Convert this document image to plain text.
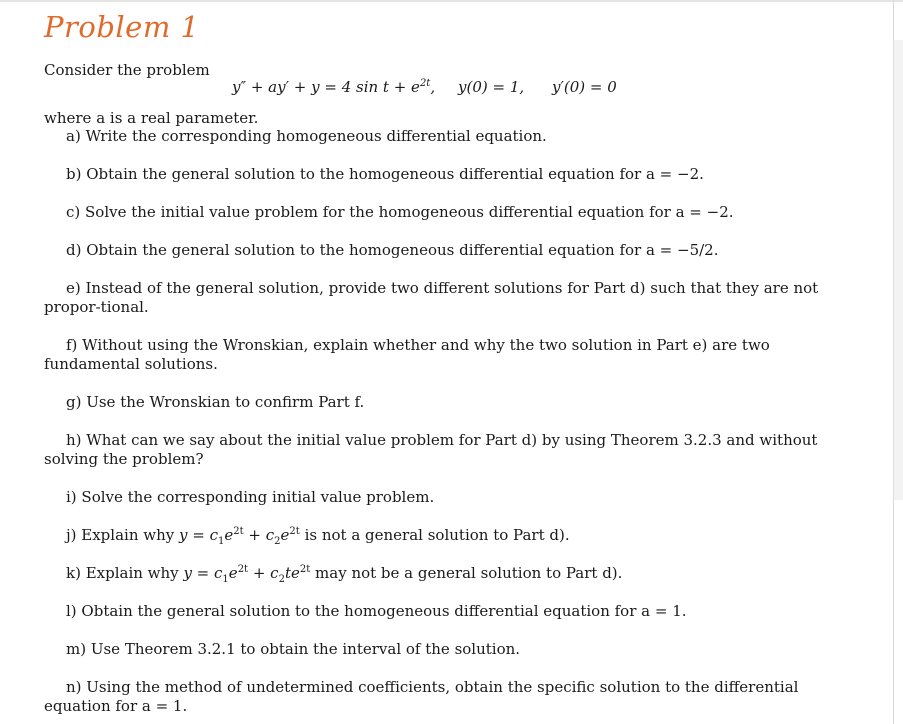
Problem 1
Consider the problem
y″ + ay′ + y = 4 $\sin t + e^{2t}$, y(0) = 1, y′(0) = 0
where a is a real parameter.
a) Write the corresponding homogeneous differential equation.
b) Obtain the general solution to the homogeneous differential equation for a = −2.
c) Solve the initial value problem for the homogeneous differential equation for a = −2.
d) Obtain the general solution to the homogeneous differential equation for a = −5/2.
e) Instead of the general solution, provide two different solutions for Part d) such that they are not propor-tional.
f) Without using the Wronskian, explain whether and why the two solution in Part e) are two fundamental solutions.
g) Use the Wronskian to confirm Part f.
h) What can we say about the initial value problem for Part d) by using Theorem 3.2.3 and without solving the problem?
i) Solve the corresponding initial value problem.
j) Explain why $y = c_1e^{2t} + c_2e^{2t}$ is not a general solution to Part d).
k) Explain why $y = c_1e^{2t} + c_2te^{2t}$ may not be a general solution to Part d).
l) Obtain the general solution to the homogeneous differential equation for a = 1.
m) Use Theorem 3.2.1 to obtain the interval of the solution.
n) Using the method of undetermined coefficients, obtain the specific solution to the differential equation for a = 1.
